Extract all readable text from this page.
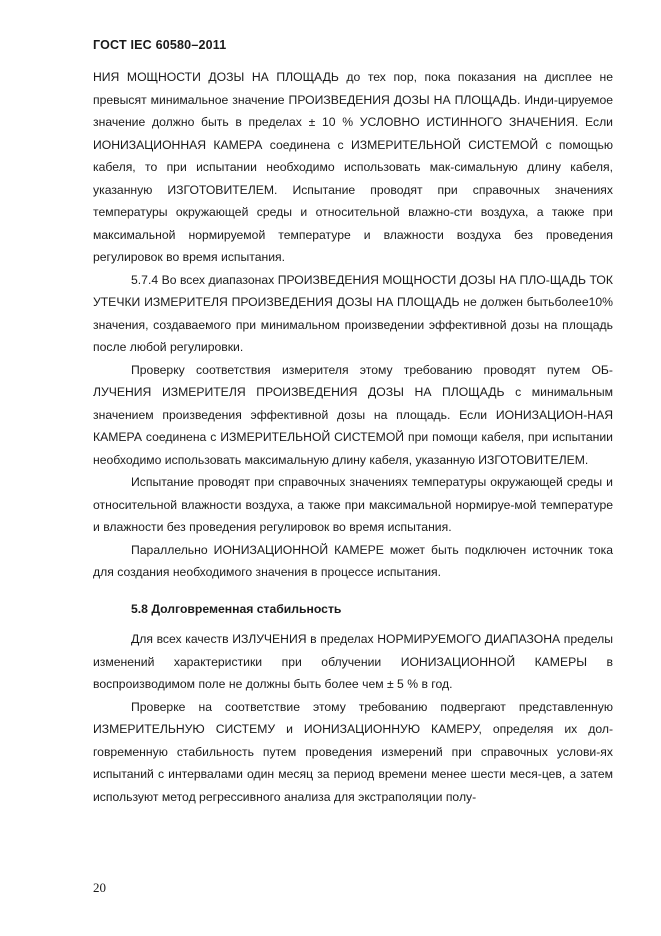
ГОСТ IEC 60580–2011

НИЯ МОЩНОСТИ ДОЗЫ НА ПЛОЩАДЬ до тех пор, пока показания на дисплее не превысят минимальное значение ПРОИЗВЕДЕНИЯ ДОЗЫ НА ПЛОЩАДЬ. Инди-цируемое значение должно быть в пределах ± 10 % УСЛОВНО ИСТИННОГО ЗНАЧЕНИЯ. Если ИОНИЗАЦИОННАЯ КАМЕРА соединена с ИЗМЕРИТЕЛЬНОЙ СИСТЕМОЙ с помощью кабеля, то при испытании необходимо использовать мак-симальную длину кабеля, указанную ИЗГОТОВИТЕЛЕМ. Испытание проводят при справочных значениях температуры окружающей среды и относительной влажно-сти воздуха, а также при максимальной нормируемой температуре и влажности воздуха без проведения регулировок во время испытания.

5.7.4 Во всех диапазонах ПРОИЗВЕДЕНИЯ МОЩНОСТИ ДОЗЫ НА ПЛО-ЩАДЬ ТОК УТЕЧКИ ИЗМЕРИТЕЛЯ ПРОИЗВЕДЕНИЯ ДОЗЫ НА ПЛОЩАДЬ не должен бытьболее10% значения, создаваемого при минимальном произведении эффективной дозы на площадь после любой регулировки.

Проверку соответствия измерителя этому требованию проводят путем ОБ-ЛУЧЕНИЯ ИЗМЕРИТЕЛЯ ПРОИЗВЕДЕНИЯ ДОЗЫ НА ПЛОЩАДЬ с минимальным значением произведения эффективной дозы на площадь. Если ИОНИЗАЦИОН-НАЯ КАМЕРА соединена с ИЗМЕРИТЕЛЬНОЙ СИСТЕМОЙ при помощи кабеля, при испытании необходимо использовать максимальную длину кабеля, указанную ИЗГОТОВИТЕЛЕМ.

Испытание проводят при справочных значениях температуры окружающей среды и относительной влажности воздуха, а также при максимальной нормируе-мой температуре и влажности без проведения регулировок во время испытания.

Параллельно ИОНИЗАЦИОННОЙ КАМЕРЕ может быть подключен источник тока для создания необходимого значения в процессе испытания.

5.8 Долговременная стабильность

Для всех качеств ИЗЛУЧЕНИЯ в пределах НОРМИРУЕМОГО ДИАПАЗОНА пределы изменений характеристики при облучении ИОНИЗАЦИОННОЙ КАМЕРЫ в воспроизводимом поле не должны быть более чем ± 5 % в год.

Проверке на соответствие этому требованию подвергают представленную ИЗМЕРИТЕЛЬНУЮ СИСТЕМУ и ИОНИЗАЦИОННУЮ КАМЕРУ, определяя их дол-говременную стабильность путем проведения измерений при справочных услови-ях испытаний с интервалами один месяц за период времени менее шести меся-цев, а затем используют метод регрессивного анализа для экстраполяции полу-

20
